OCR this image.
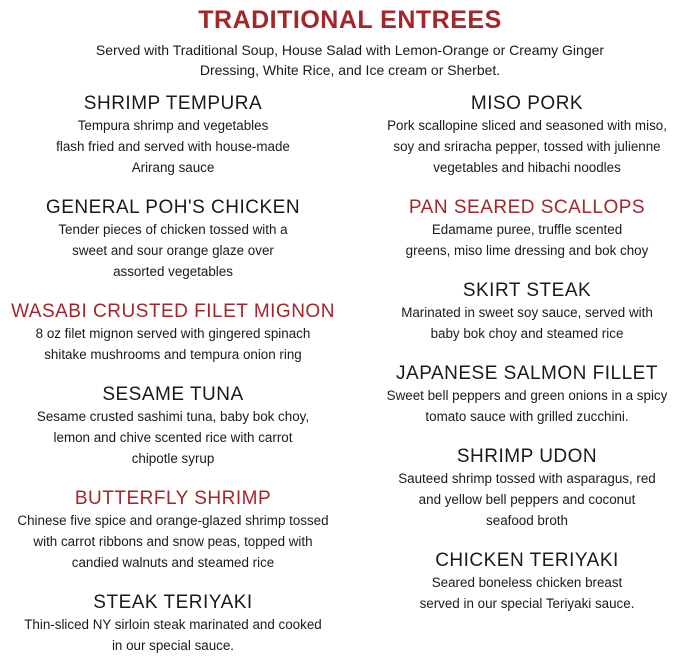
TRADITIONAL ENTREES
Served with Traditional Soup, House Salad with Lemon-Orange or Creamy Ginger
Dressing, White Rice, and Ice cream or Sherbet.
SHRIMP TEMPURA

Tempura shrimp and vegetables
flash fried and served with house-made
Arirang sauce

GENERAL POH'S CHICKEN

Tender pieces of chicken tossed with a
sweet and sour orange glaze over
assorted vegetables

WASABI CRUSTED FILET MIGNON

8 oz filet mignon served with gingered spinach
shitake mushrooms and tempura onion ring

SESAME TUNA

Sesame crusted sashimi tuna, baby bok choy,
lemon and chive scented rice with carrot
chipotle syrup

BUTTERFLY SHRIMP

Chinese five spice and orange-glazed shrimp tossed
with carrot ribbons and snow peas, topped with
candied walnuts and steamed rice

STEAK TERIYAKI

Thin-sliced NY sirloin steak marinated and cooked
in our special sauce.

MISO PORK

Pork scallopine sliced and seasoned with miso,
soy and sriracha pepper, tossed with julienne
vegetables and hibachi noodles

PAN SEARED SCALLOPS

Edamame puree, truffle scented
greens, miso lime dressing and bok choy

SKIRT STEAK

Marinated in sweet soy sauce, served with
baby bok choy and steamed rice

JAPANESE SALMON FILLET

Sweet bell peppers and green onions in a spicy
tomato sauce with grilled zucchini.

SHRIMP UDON

Sauteed shrimp tossed with asparagus, red
and yellow bell peppers and coconut
seafood broth

CHICKEN TERIYAKI

Seared boneless chicken breast
served in our special Teriyaki sauce.
